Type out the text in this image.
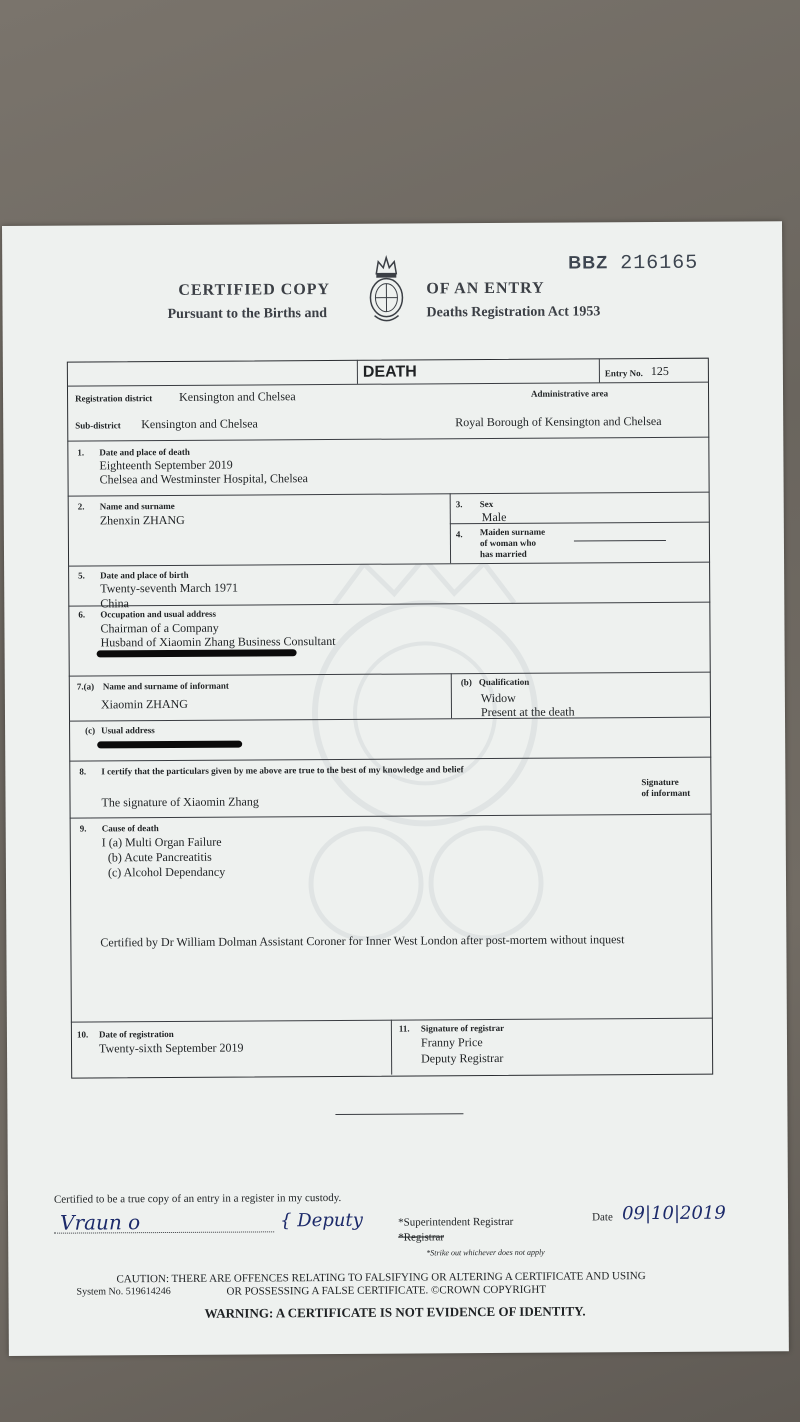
BBZ 216165
CERTIFIED COPY
Pursuant to the Births and
OF AN ENTRY
Deaths Registration Act 1953
DEATH	Entry No. 125
Registration district Kensington and Chelsea	Administrative area
Sub-district Kensington and Chelsea	Royal Borough of Kensington and Chelsea
1. Date and place of death
Eighteenth September 2019
Chelsea and Westminster Hospital, Chelsea
2. Name and surname
Zhenxin ZHANG
3. Sex
Male
4. Maiden surname
of woman who
has married
5. Date and place of birth
Twenty-seventh March 1971
China
6. Occupation and usual address
Chairman of a Company
Husband of Xiaomin Zhang Business Consultant
7.(a) Name and surname of informant
Xiaomin ZHANG
(b) Qualification
Widow
Present at the death
(c) Usual address
8. I certify that the particulars given by me above are true to the best of my knowledge and belief
The signature of Xiaomin Zhang
Signature
of informant
9. Cause of death
I (a) Multi Organ Failure
(b) Acute Pancreatitis
(c) Alcohol Dependancy
Certified by Dr William Dolman Assistant Coroner for Inner West London after post-mortem without inquest
10. Date of registration
Twenty-sixth September 2019
11. Signature of registrar
Franny Price
Deputy Registrar
Certified to be a true copy of an entry in a register in my custody.
Vraun o	{ Deputy	*Superintendent Registrar
*Registrar
*Strike out whichever does not apply
Date 09|10|2019
CAUTION: THERE ARE OFFENCES RELATING TO FALSIFYING OR ALTERING A CERTIFICATE AND USING
OR POSSESSING A FALSE CERTIFICATE. ©CROWN COPYRIGHT
System No. 519614246
WARNING: A CERTIFICATE IS NOT EVIDENCE OF IDENTITY.
